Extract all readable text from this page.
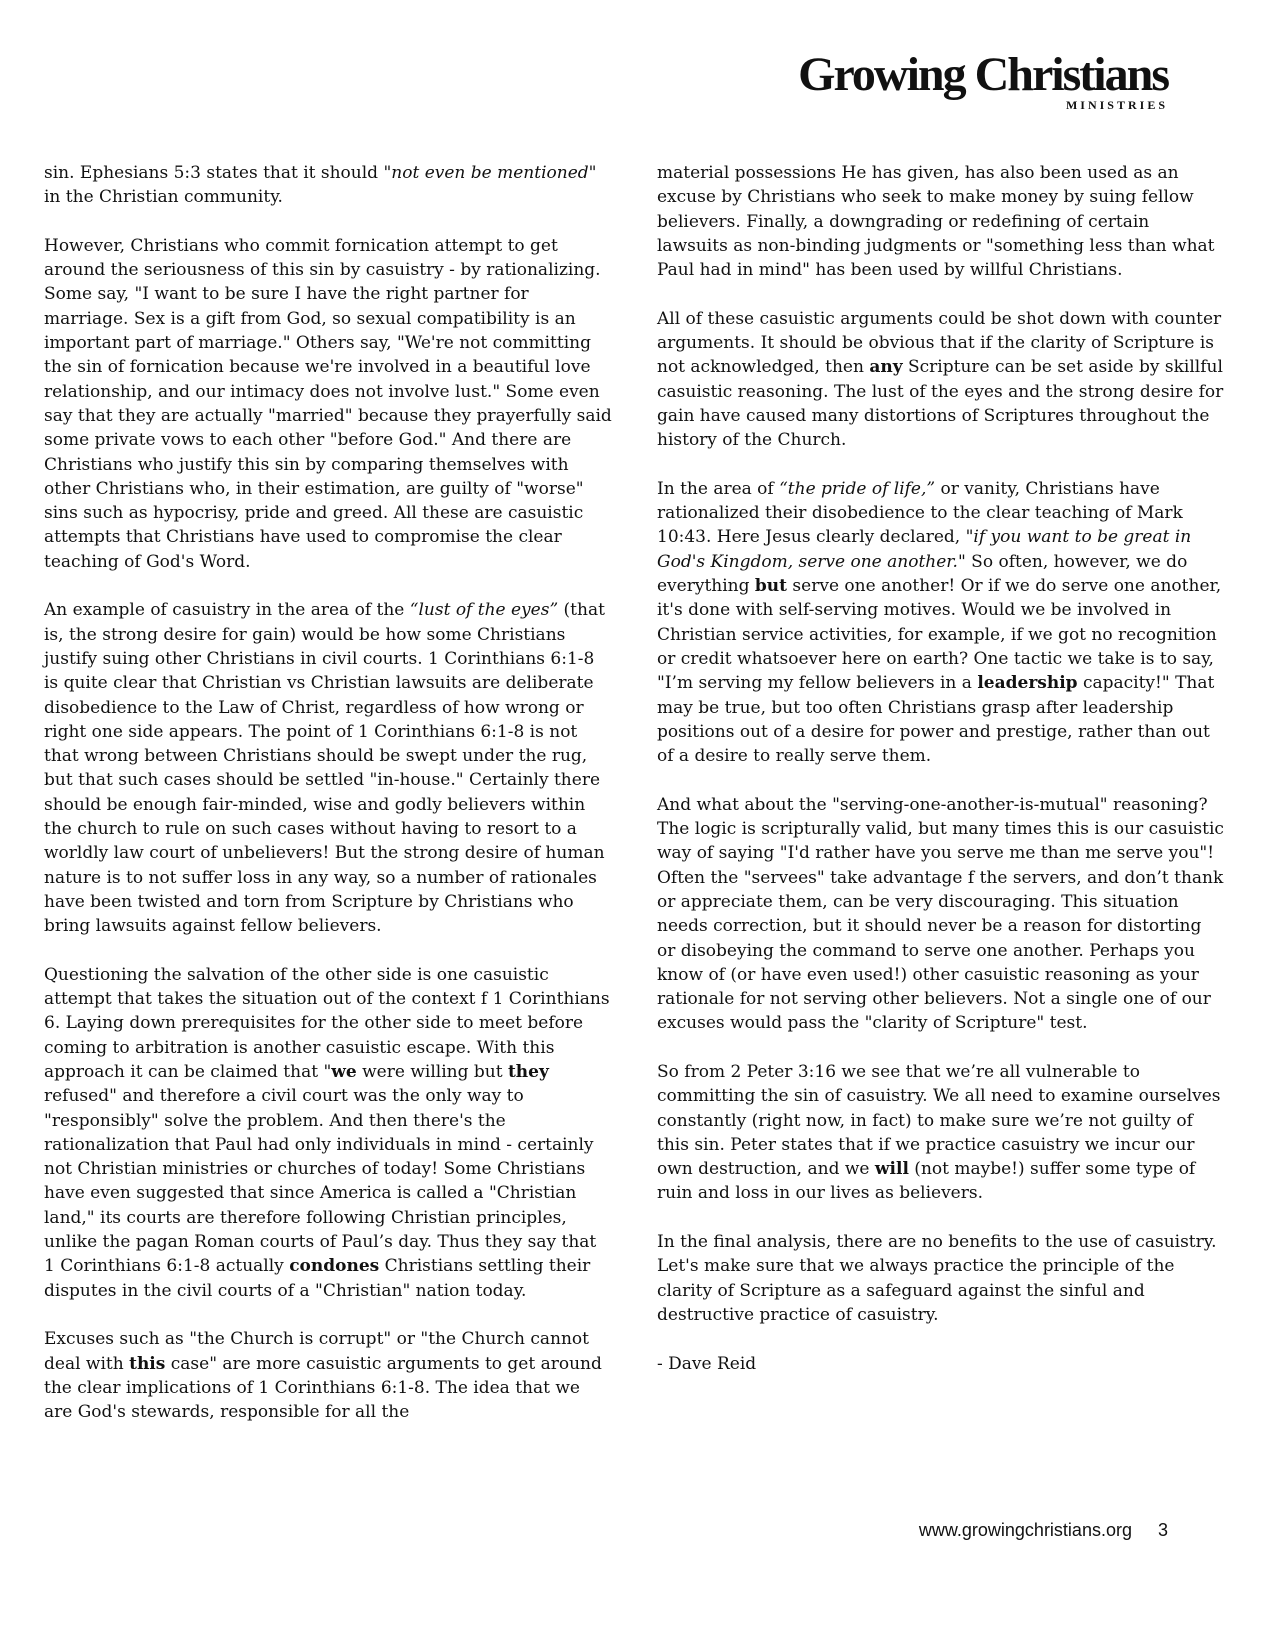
Growing Christians
MINISTRIES

sin. Ephesians 5:3 states that it should "not even be mentioned" in the Christian community.

However, Christians who commit fornication attempt to get around the seriousness of this sin by casuistry - by rationalizing. Some say, "I want to be sure I have the right partner for marriage. Sex is a gift from God, so sexual compatibility is an important part of marriage." Others say, "We're not committing the sin of fornication because we're involved in a beautiful love relationship, and our intimacy does not involve lust." Some even say that they are actually "married" because they prayerfully said some private vows to each other "before God." And there are Christians who justify this sin by comparing themselves with other Christians who, in their estimation, are guilty of "worse" sins such as hypocrisy, pride and greed. All these are casuistic attempts that Christians have used to compromise the clear teaching of God's Word.

An example of casuistry in the area of the “lust of the eyes” (that is, the strong desire for gain) would be how some Christians justify suing other Christians in civil courts. 1 Corinthians 6:1-8 is quite clear that Christian vs Christian lawsuits are deliberate disobedience to the Law of Christ, regardless of how wrong or right one side appears. The point of 1 Corinthians 6:1-8 is not that wrong between Christians should be swept under the rug, but that such cases should be settled "in-house." Certainly there should be enough fair-minded, wise and godly believers within the church to rule on such cases without having to resort to a worldly law court of unbelievers! But the strong desire of human nature is to not suffer loss in any way, so a number of rationales have been twisted and torn from Scripture by Christians who bring lawsuits against fellow believers.

Questioning the salvation of the other side is one casuistic attempt that takes the situation out of the context f 1 Corinthians 6. Laying down prerequisites for the other side to meet before coming to arbitration is another casuistic escape. With this approach it can be claimed that "we were willing but they refused" and therefore a civil court was the only way to "responsibly" solve the problem. And then there's the rationalization that Paul had only individuals in mind - certainly not Christian ministries or churches of today! Some Christians have even suggested that since America is called a "Christian land," its courts are therefore following Christian principles, unlike the pagan Roman courts of Paul’s day. Thus they say that 1 Corinthians 6:1-8 actually condones Christians settling their disputes in the civil courts of a "Christian" nation today.

Excuses such as "the Church is corrupt" or "the Church cannot deal with this case" are more casuistic arguments to get around the clear implications of 1 Corinthians 6:1-8. The idea that we are God's stewards, responsible for all the

material possessions He has given, has also been used as an excuse by Christians who seek to make money by suing fellow believers. Finally, a downgrading or redefining of certain lawsuits as non-binding judgments or "something less than what Paul had in mind" has been used by willful Christians.

All of these casuistic arguments could be shot down with counter arguments. It should be obvious that if the clarity of Scripture is not acknowledged, then any Scripture can be set aside by skillful casuistic reasoning. The lust of the eyes and the strong desire for gain have caused many distortions of Scriptures throughout the history of the Church.

In the area of “the pride of life,” or vanity, Christians have rationalized their disobedience to the clear teaching of Mark 10:43. Here Jesus clearly declared, "if you want to be great in God's Kingdom, serve one another." So often, however, we do everything but serve one another! Or if we do serve one another, it's done with self-serving motives. Would we be involved in Christian service activities, for example, if we got no recognition or credit whatsoever here on earth? One tactic we take is to say, "I’m serving my fellow believers in a leadership capacity!" That may be true, but too often Christians grasp after leadership positions out of a desire for power and prestige, rather than out of a desire to really serve them.

And what about the "serving-one-another-is-mutual" reasoning? The logic is scripturally valid, but many times this is our casuistic way of saying "I'd rather have you serve me than me serve you"! Often the "servees" take advantage f the servers, and don’t thank or appreciate them, can be very discouraging. This situation needs correction, but it should never be a reason for distorting or disobeying the command to serve one another. Perhaps you know of (or have even used!) other casuistic reasoning as your rationale for not serving other believers. Not a single one of our excuses would pass the "clarity of Scripture" test.

So from 2 Peter 3:16 we see that we’re all vulnerable to committing the sin of casuistry. We all need to examine ourselves constantly (right now, in fact) to make sure we’re not guilty of this sin. Peter states that if we practice casuistry we incur our own destruction, and we will (not maybe!) suffer some type of ruin and loss in our lives as believers.

In the final analysis, there are no benefits to the use of casuistry. Let's make sure that we always practice the principle of the clarity of Scripture as a safeguard against the sinful and destructive practice of casuistry.

- Dave Reid

www.growingchristians.org 3
